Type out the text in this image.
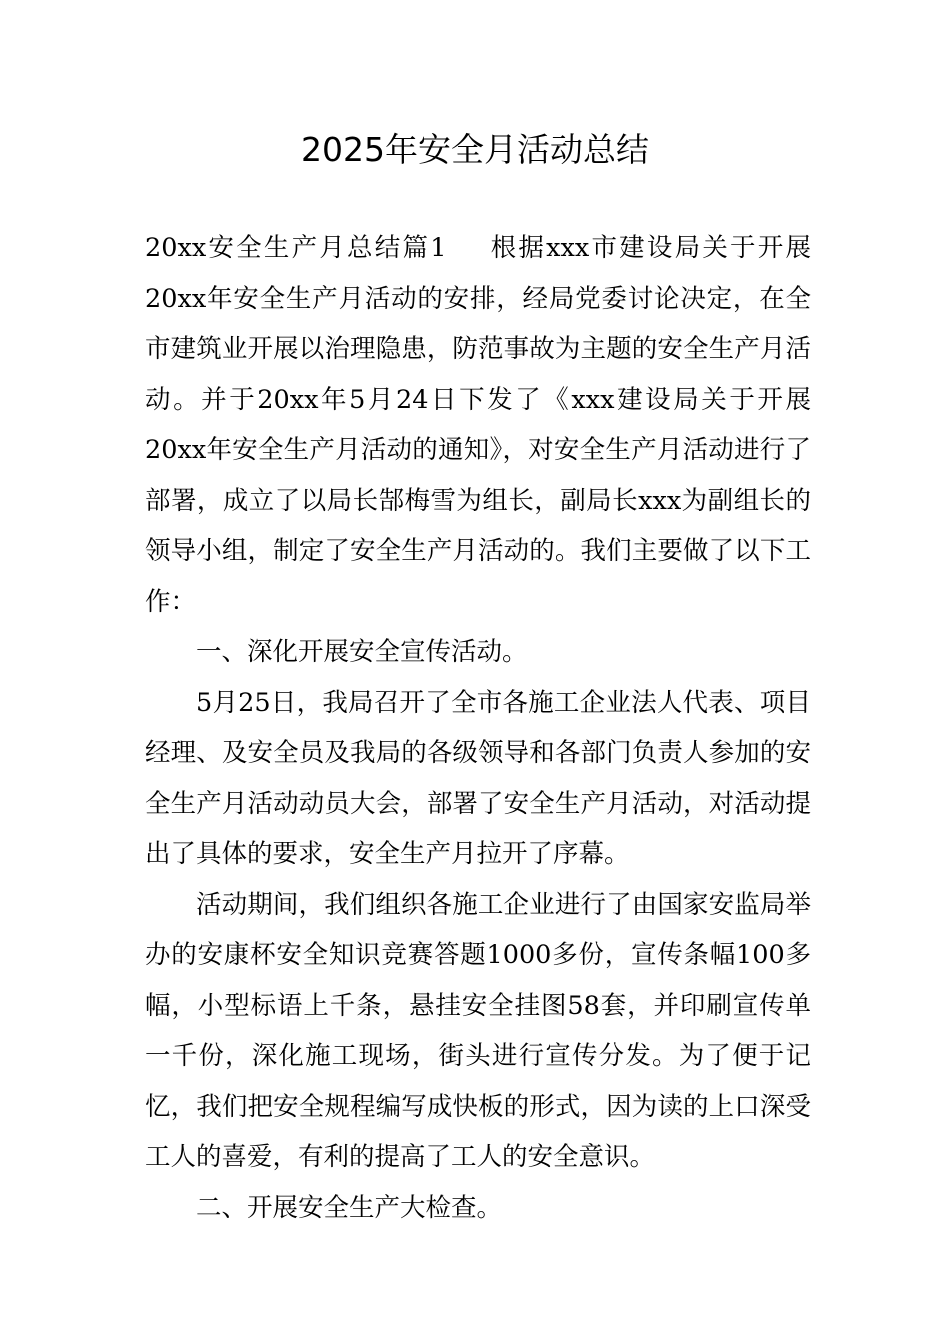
2025年安全月活动总结

20xx安全生产月总结篇1 根据xxx市建设局关于开展20xx年安全生产月活动的安排，经局党委讨论决定，在全市建筑业开展以治理隐患，防范事故为主题的安全生产月活动。并于20xx年5月24日下发了《xxx建设局关于开展20xx年安全生产月活动的通知》，对安全生产月活动进行了部署，成立了以局长郜梅雪为组长，副局长xxx为副组长的领导小组，制定了安全生产月活动的。我们主要做了以下工作：

一、深化开展安全宣传活动。

5月25日，我局召开了全市各施工企业法人代表、项目经理、及安全员及我局的各级领导和各部门负责人参加的安全生产月活动动员大会，部署了安全生产月活动，对活动提出了具体的要求，安全生产月拉开了序幕。

活动期间，我们组织各施工企业进行了由国家安监局举办的安康杯安全知识竞赛答题1000多份，宣传条幅100多幅，小型标语上千条，悬挂安全挂图58套，并印刷宣传单一千份，深化施工现场，街头进行宣传分发。为了便于记忆，我们把安全规程编写成快板的形式，因为读的上口深受工人的喜爱，有利的提高了工人的安全意识。

二、开展安全生产大检查。
